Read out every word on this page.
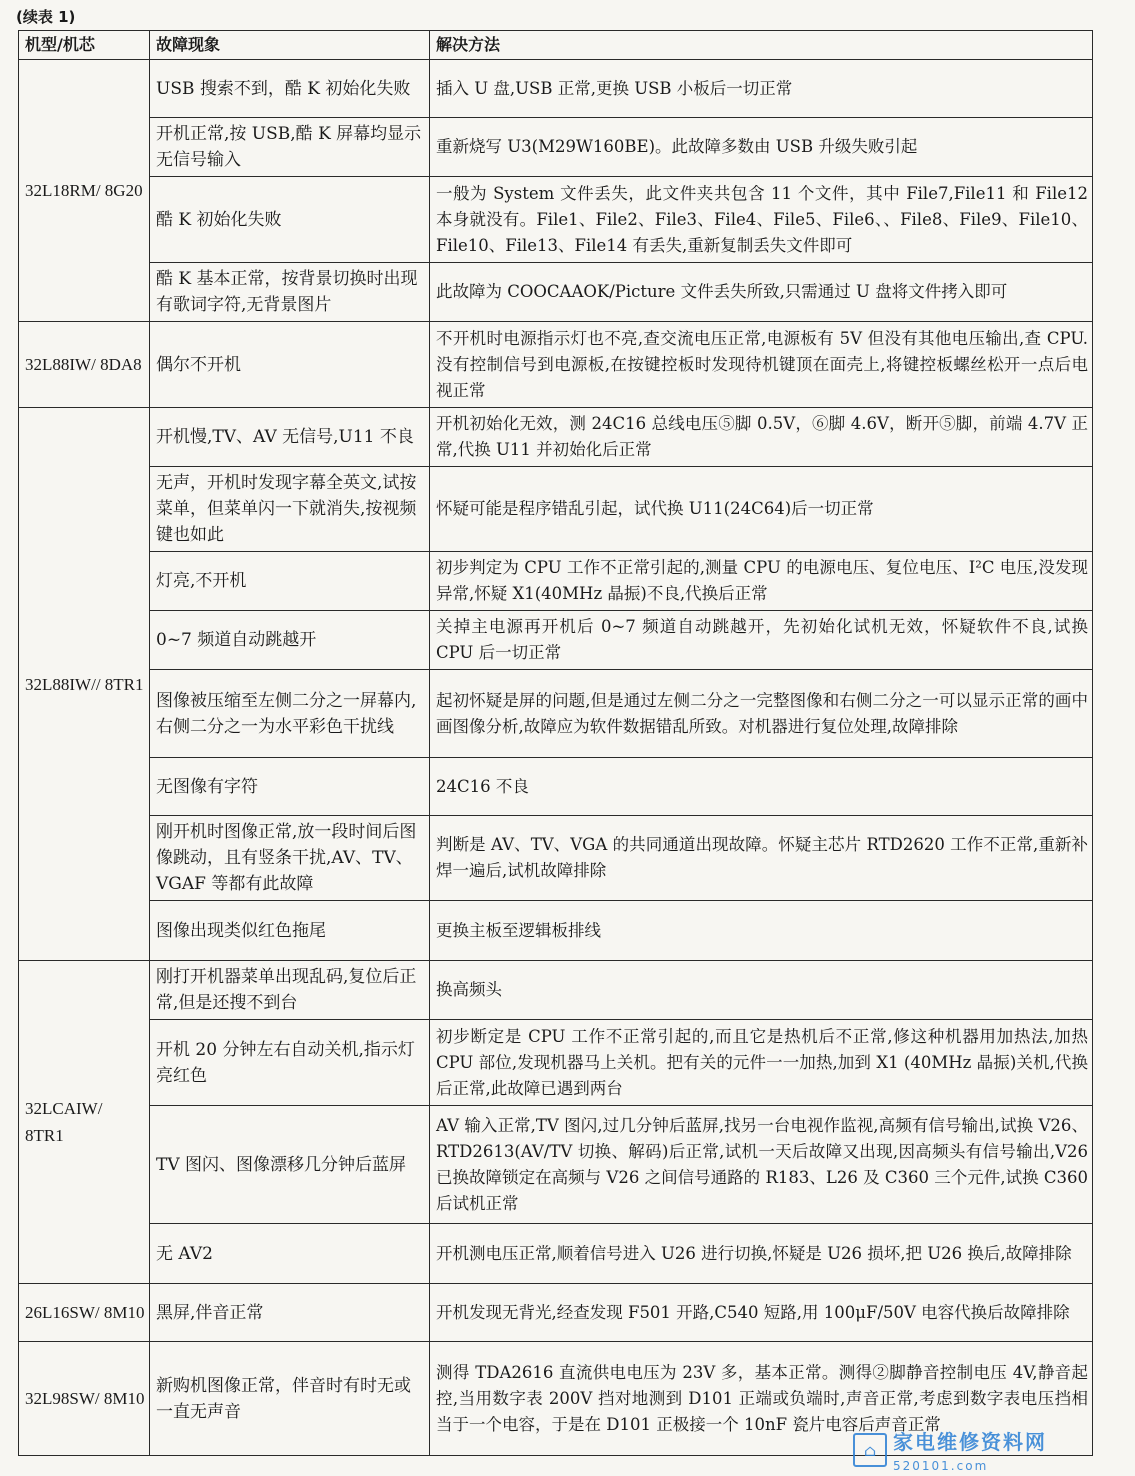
(续表 1)
机型/机芯	故障现象	解决方法
32L18RM/ 8G20	USB 搜索不到，酷 K 初始化失败	插入 U 盘,USB 正常,更换 USB 小板后一切正常
	开机正常,按 USB,酷 K 屏幕均显示无信号输入	重新烧写 U3(M29W160BE)。此故障多数由 USB 升级失败引起
	酷 K 初始化失败	一般为 System 文件丢失，此文件夹共包含 11 个文件，其中 File7,File11 和 File12 本身就没有。File1、File2、File3、File4、File5、File6、、File8、File9、File10、File10、File13、File14 有丢失,重新复制丢失文件即可
	酷 K 基本正常，按背景切换时出现有歌词字符,无背景图片	此故障为 COOCAAOK/Picture 文件丢失所致,只需通过 U 盘将文件拷入即可
32L88IW/ 8DA8	偶尔不开机	不开机时电源指示灯也不亮,查交流电压正常,电源板有 5V 但没有其他电压输出,查 CPU.没有控制信号到电源板,在按键控板时发现待机键顶在面壳上,将键控板螺丝松开一点后电视正常
32L88IW// 8TR1	开机慢,TV、AV 无信号,U11 不良	开机初始化无效，测 24C16 总线电压⑤脚 0.5V，⑥脚 4.6V，断开⑤脚，前端 4.7V 正常,代换 U11 并初始化后正常
	无声，开机时发现字幕全英文,试按菜单，但菜单闪一下就消失,按视频键也如此	怀疑可能是程序错乱引起，试代换 U11(24C64)后一切正常
	灯亮,不开机	初步判定为 CPU 工作不正常引起的,测量 CPU 的电源电压、复位电压、I²C 电压,没发现异常,怀疑 X1(40MHz 晶振)不良,代换后正常
	0~7 频道自动跳越开	关掉主电源再开机后 0~7 频道自动跳越开，先初始化试机无效，怀疑软件不良,试换 CPU 后一切正常
	图像被压缩至左侧二分之一屏幕内,右侧二分之一为水平彩色干扰线	起初怀疑是屏的问题,但是通过左侧二分之一完整图像和右侧二分之一可以显示正常的画中画图像分析,故障应为软件数据错乱所致。对机器进行复位处理,故障排除
	无图像有字符	24C16 不良
	刚开机时图像正常,放一段时间后图像跳动，且有竖条干扰,AV、TV、VGAF 等都有此故障	判断是 AV、TV、VGA 的共同通道出现故障。怀疑主芯片 RTD2620 工作不正常,重新补焊一遍后,试机故障排除
	图像出现类似红色拖尾	更换主板至逻辑板排线
32LCAIW/ 8TR1	刚打开机器菜单出现乱码,复位后正常,但是还搜不到台	换高频头
	开机 20 分钟左右自动关机,指示灯亮红色	初步断定是 CPU 工作不正常引起的,而且它是热机后不正常,修这种机器用加热法,加热 CPU 部位,发现机器马上关机。把有关的元件一一加热,加到 X1 (40MHz 晶振)关机,代换后正常,此故障已遇到两台
	TV 图闪、图像漂移几分钟后蓝屏	AV 输入正常,TV 图闪,过几分钟后蓝屏,找另一台电视作监视,高频有信号输出,试换 V26、RTD2613(AV/TV 切换、解码)后正常,试机一天后故障又出现,因高频头有信号输出,V26 已换故障锁定在高频与 V26 之间信号通路的 R183、L26 及 C360 三个元件,试换 C360 后试机正常
	无 AV2	开机测电压正常,顺着信号进入 U26 进行切换,怀疑是 U26 损坏,把 U26 换后,故障排除
26L16SW/ 8M10	黑屏,伴音正常	开机发现无背光,经查发现 F501 开路,C540 短路,用 100μF/50V 电容代换后故障排除
32L98SW/ 8M10	新购机图像正常，伴音时有时无或一直无声音	测得 TDA2616 直流供电电压为 23V 多，基本正常。测得②脚静音控制电压 4V,静音起控,当用数字表 200V 挡对地测到 D101 正端或负端时,声音正常,考虑到数字表电压挡相当于一个电容，于是在 D101 正极接一个 10nF 瓷片电容后声音正常
⌂ 家电维修资料网
520101.com
